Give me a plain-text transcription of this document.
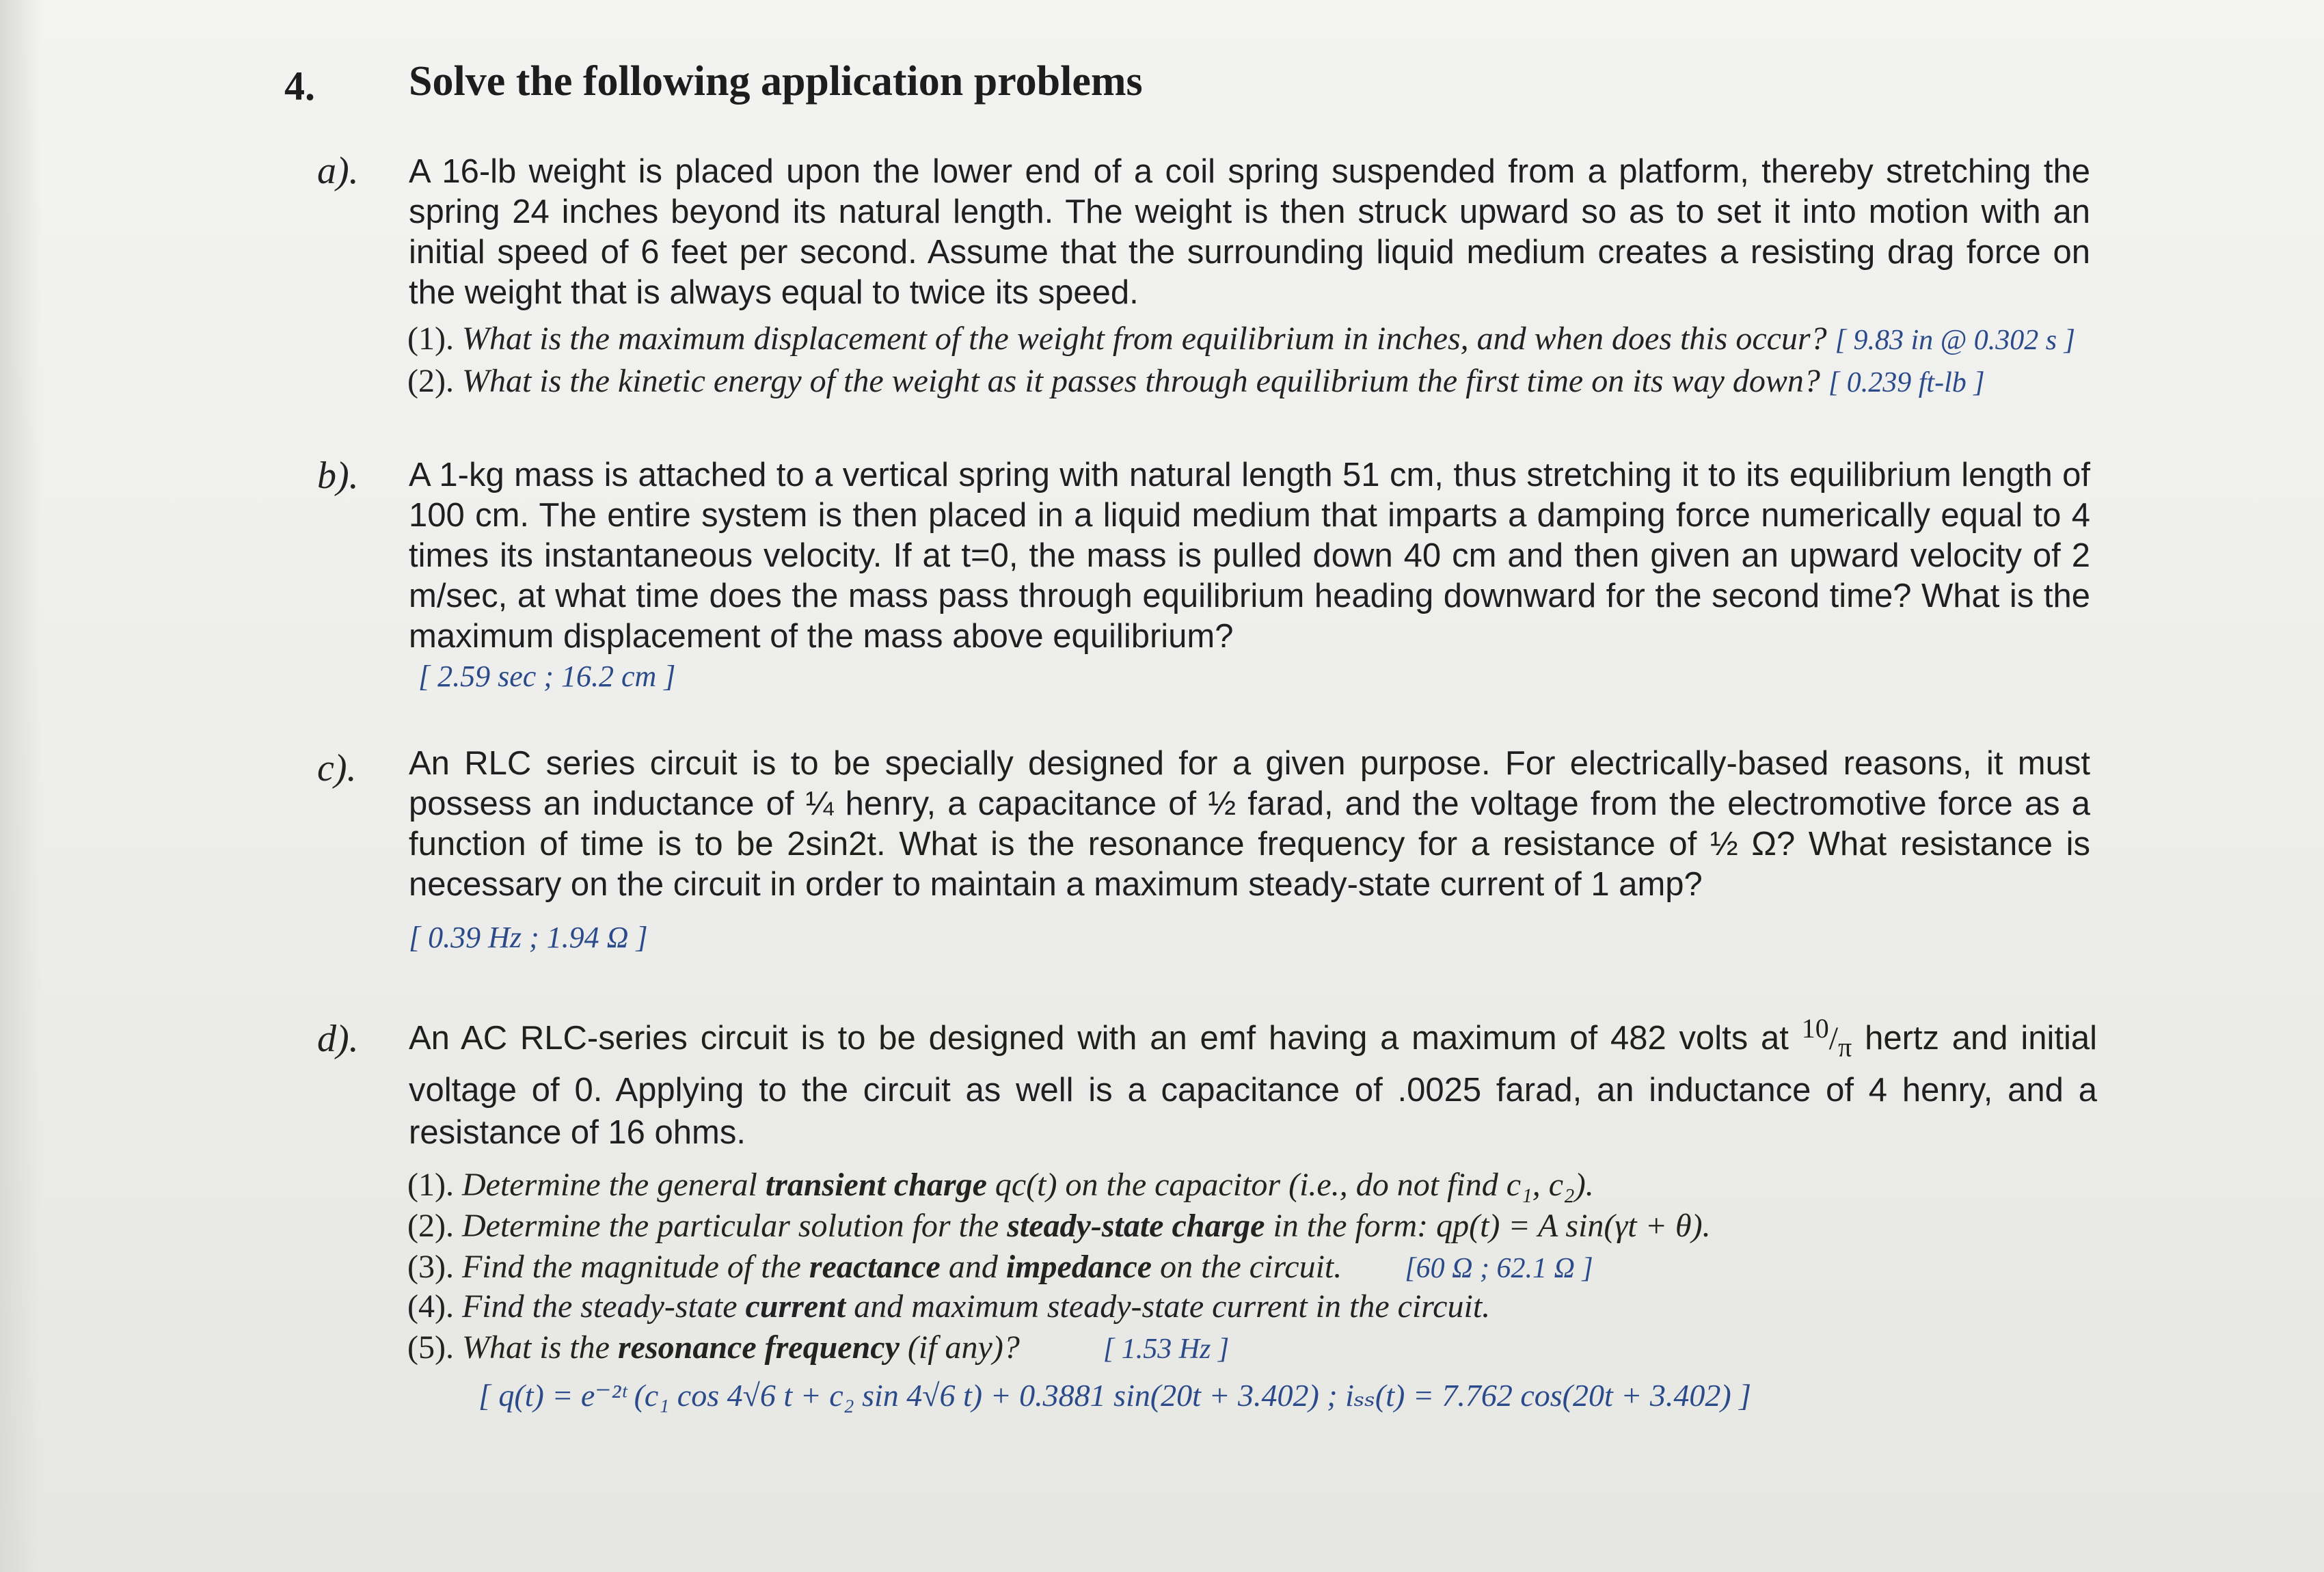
4. Solve the following application problems
a). A 16-lb weight is placed upon the lower end of a coil spring suspended from a platform, thereby stretching the spring 24 inches beyond its natural length. The weight is then struck upward so as to set it into motion with an initial speed of 6 feet per second. Assume that the surrounding liquid medium creates a resisting drag force on the weight that is always equal to twice its speed.
(1). What is the maximum displacement of the weight from equilibrium in inches, and when does this occur? [ 9.83 in @ 0.302 s ]
(2). What is the kinetic energy of the weight as it passes through equilibrium the first time on its way down? [ 0.239 ft-lb ]
b). A 1-kg mass is attached to a vertical spring with natural length 51 cm, thus stretching it to its equilibrium length of 100 cm. The entire system is then placed in a liquid medium that imparts a damping force numerically equal to 4 times its instantaneous velocity. If at t=0, the mass is pulled down 40 cm and then given an upward velocity of 2 m/sec, at what time does the mass pass through equilibrium heading downward for the second time? What is the maximum displacement of the mass above equilibrium?
[ 2.59 sec ; 16.2 cm ]
c). An RLC series circuit is to be specially designed for a given purpose. For electrically-based reasons, it must possess an inductance of ¼ henry, a capacitance of ½ farad, and the voltage from the electromotive force as a function of time is to be 2sin2t. What is the resonance frequency for a resistance of ½ Ω? What resistance is necessary on the circuit in order to maintain a maximum steady-state current of 1 amp?
[ 0.39 Hz ; 1.94 Ω ]
d). An AC RLC-series circuit is to be designed with an emf having a maximum of 482 volts at $^{10}/_\pi$ hertz and initial voltage of 0. Applying to the circuit as well is a capacitance of .0025 farad, an inductance of 4 henry, and a resistance of 16 ohms.
(1). Determine the general transient charge qc(t) on the capacitor (i.e., do not find c₁, c₂).
(2). Determine the particular solution for the steady-state charge in the form: qp(t) = A sin(γt + θ).
(3). Find the magnitude of the reactance and impedance on the circuit. [60 Ω ; 62.1 Ω ]
(4). Find the steady-state current and maximum steady-state current in the circuit.
(5). What is the resonance frequency (if any)?	[ 1.53 Hz ]
[ q(t) = e⁻²ᵗ (c₁ cos 4√6 t + c₂ sin 4√6 t) + 0.3881 sin(20t + 3.402) ; iₛₛ(t) = 7.762 cos(20t + 3.402) ]
